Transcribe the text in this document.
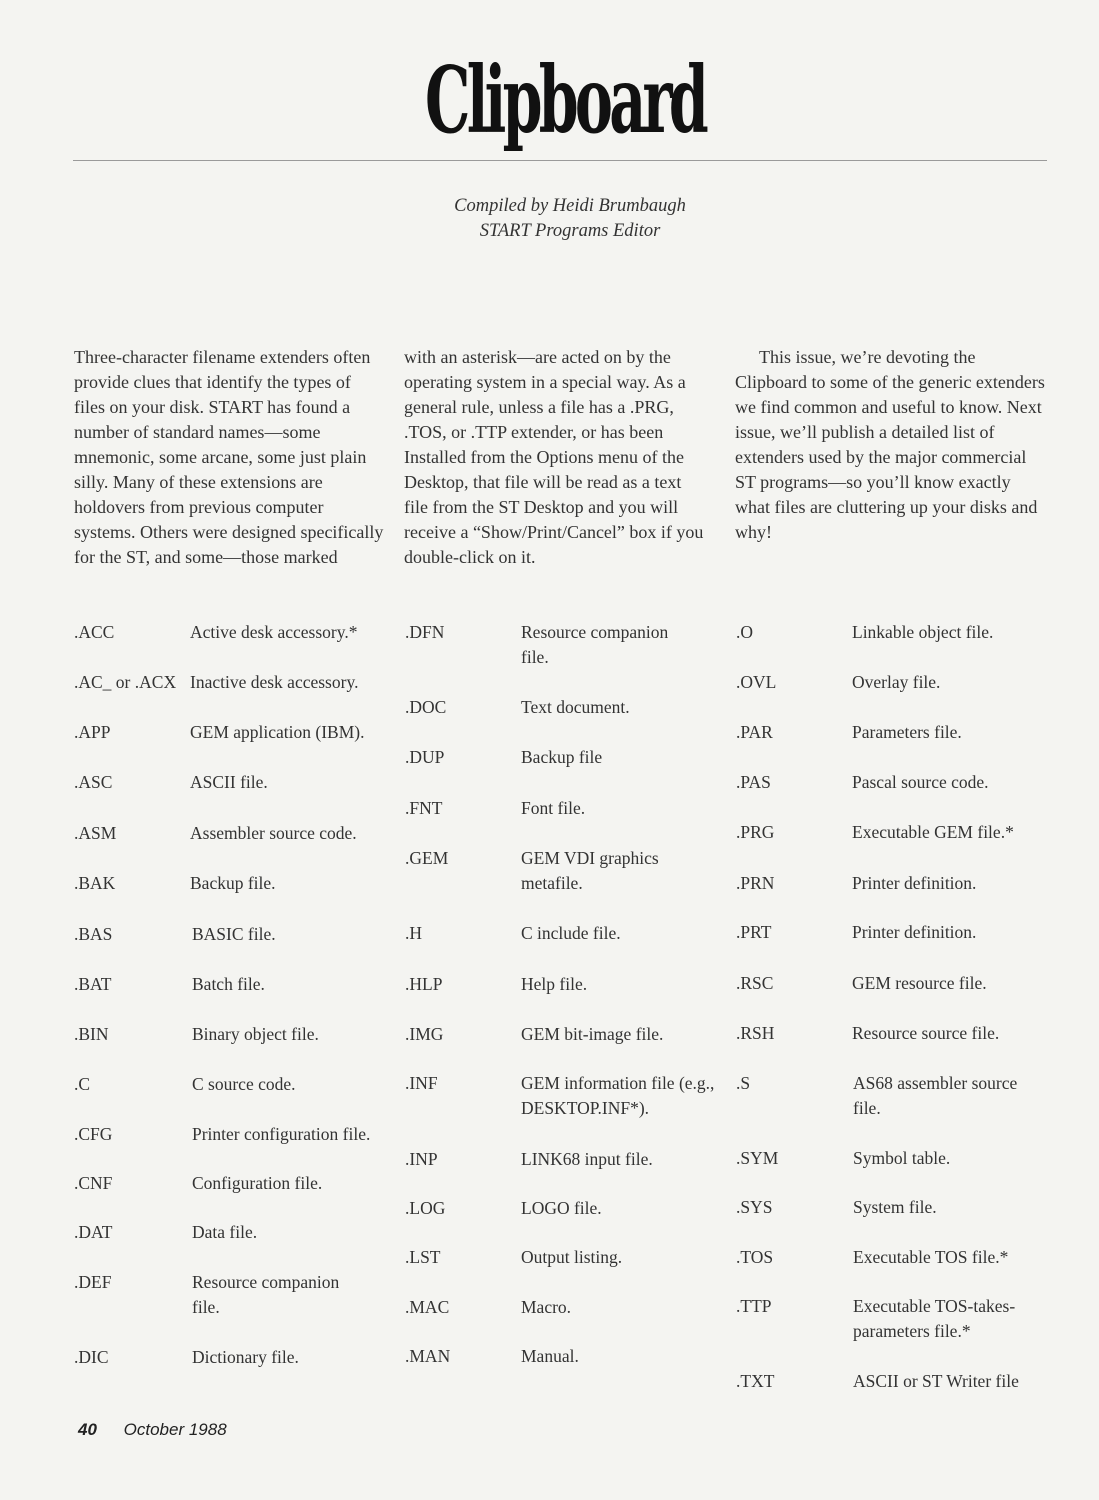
Clipboard
Compiled by Heidi Brumbaugh
START Programs Editor
Three-character filename extenders often provide clues that identify the types of files on your disk. START has found a number of standard names—some mnemonic, some arcane, some just plain silly. Many of these extensions are holdovers from previous computer systems. Others were designed specifically for the ST, and some—those marked
with an asterisk—are acted on by the operating system in a special way. As a general rule, unless a file has a .PRG, .TOS, or .TTP extender, or has been Installed from the Options menu of the Desktop, that file will be read as a text file from the ST Desktop and you will receive a “Show/Print/Cancel” box if you double-click on it.
This issue, we’re devoting the Clipboard to some of the generic extenders we find common and useful to know. Next issue, we’ll publish a detailed list of extenders used by the major commercial ST programs—so you’ll know exactly what files are cluttering up your disks and why!
.ACC	Active desk accessory.*
.AC_ or .ACX Inactive desk accessory.
.APP	GEM application (IBM).
.ASC	ASCII file.
.ASM	Assembler source code.
.BAK	Backup file.
.BAS	BASIC file.
.BAT	Batch file.
.BIN	Binary object file.
.C	C source code.
.CFG	Printer configuration file.
.CNF	Configuration file.
.DAT	Data file.
.DEF	Resource companion file.
.DIC	Dictionary file.
.DFN	Resource companion file.
.DOC	Text document.
.DUP	Backup file
.FNT	Font file.
.GEM	GEM VDI graphics metafile.
.H	C include file.
.HLP	Help file.
.IMG	GEM bit-image file.
.INF	GEM information file (e.g., DESKTOP.INF*).
.INP	LINK68 input file.
.LOG	LOGO file.
.LST	Output listing.
.MAC	Macro.
.MAN	Manual.
.O	Linkable object file.
.OVL	Overlay file.
.PAR	Parameters file.
.PAS	Pascal source code.
.PRG	Executable GEM file.*
.PRN	Printer definition.
.PRT	Printer definition.
.RSC	GEM resource file.
.RSH	Resource source file.
.S	AS68 assembler source file.
.SYM	Symbol table.
.SYS	System file.
.TOS	Executable TOS file.*
.TTP	Executable TOS-takes-parameters file.*
.TXT	ASCII or ST Writer file
40 October 1988
